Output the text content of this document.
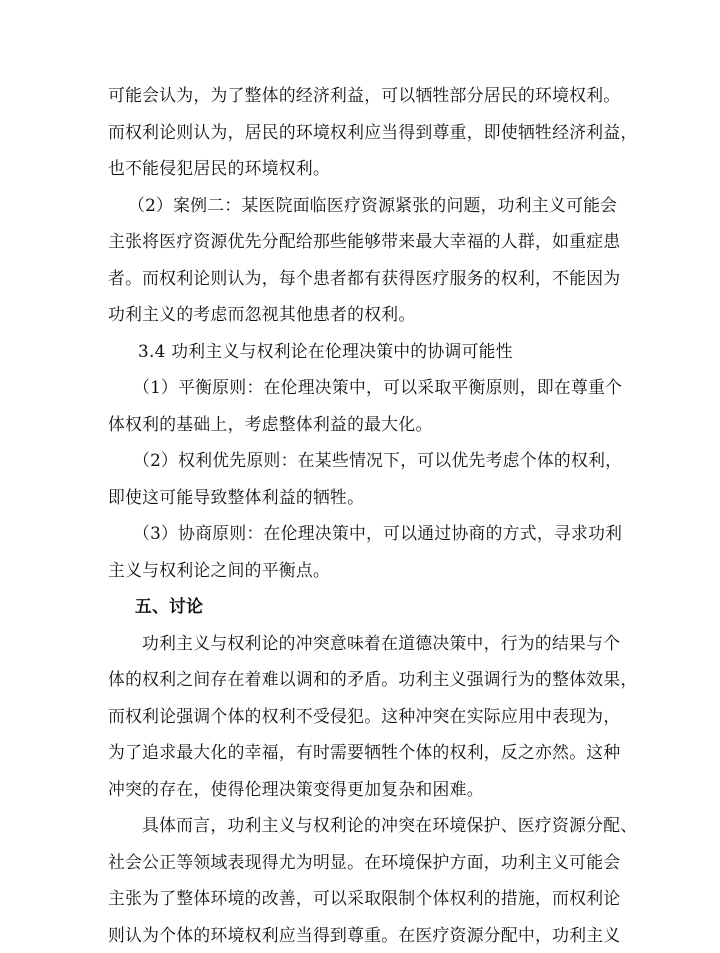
可能会认为，为了整体的经济利益，可以牺牲部分居民的环境权利。
而权利论则认为，居民的环境权利应当得到尊重，即使牺牲经济利益，
也不能侵犯居民的环境权利。
（2）案例二：某医院面临医疗资源紧张的问题，功利主义可能会
主张将医疗资源优先分配给那些能够带来最大幸福的人群，如重症患
者。而权利论则认为，每个患者都有获得医疗服务的权利，不能因为
功利主义的考虑而忽视其他患者的权利。
3.4 功利主义与权利论在伦理决策中的协调可能性
（1）平衡原则：在伦理决策中，可以采取平衡原则，即在尊重个
体权利的基础上，考虑整体利益的最大化。
（2）权利优先原则：在某些情况下，可以优先考虑个体的权利，
即使这可能导致整体利益的牺牲。
（3）协商原则：在伦理决策中，可以通过协商的方式，寻求功利
主义与权利论之间的平衡点。
五、讨论
功利主义与权利论的冲突意味着在道德决策中，行为的结果与个
体的权利之间存在着难以调和的矛盾。功利主义强调行为的整体效果，
而权利论强调个体的权利不受侵犯。这种冲突在实际应用中表现为，
为了追求最大化的幸福，有时需要牺牲个体的权利，反之亦然。这种
冲突的存在，使得伦理决策变得更加复杂和困难。
具体而言，功利主义与权利论的冲突在环境保护、医疗资源分配、
社会公正等领域表现得尤为明显。在环境保护方面，功利主义可能会
主张为了整体环境的改善，可以采取限制个体权利的措施，而权利论
则认为个体的环境权利应当得到尊重。在医疗资源分配中，功利主义
